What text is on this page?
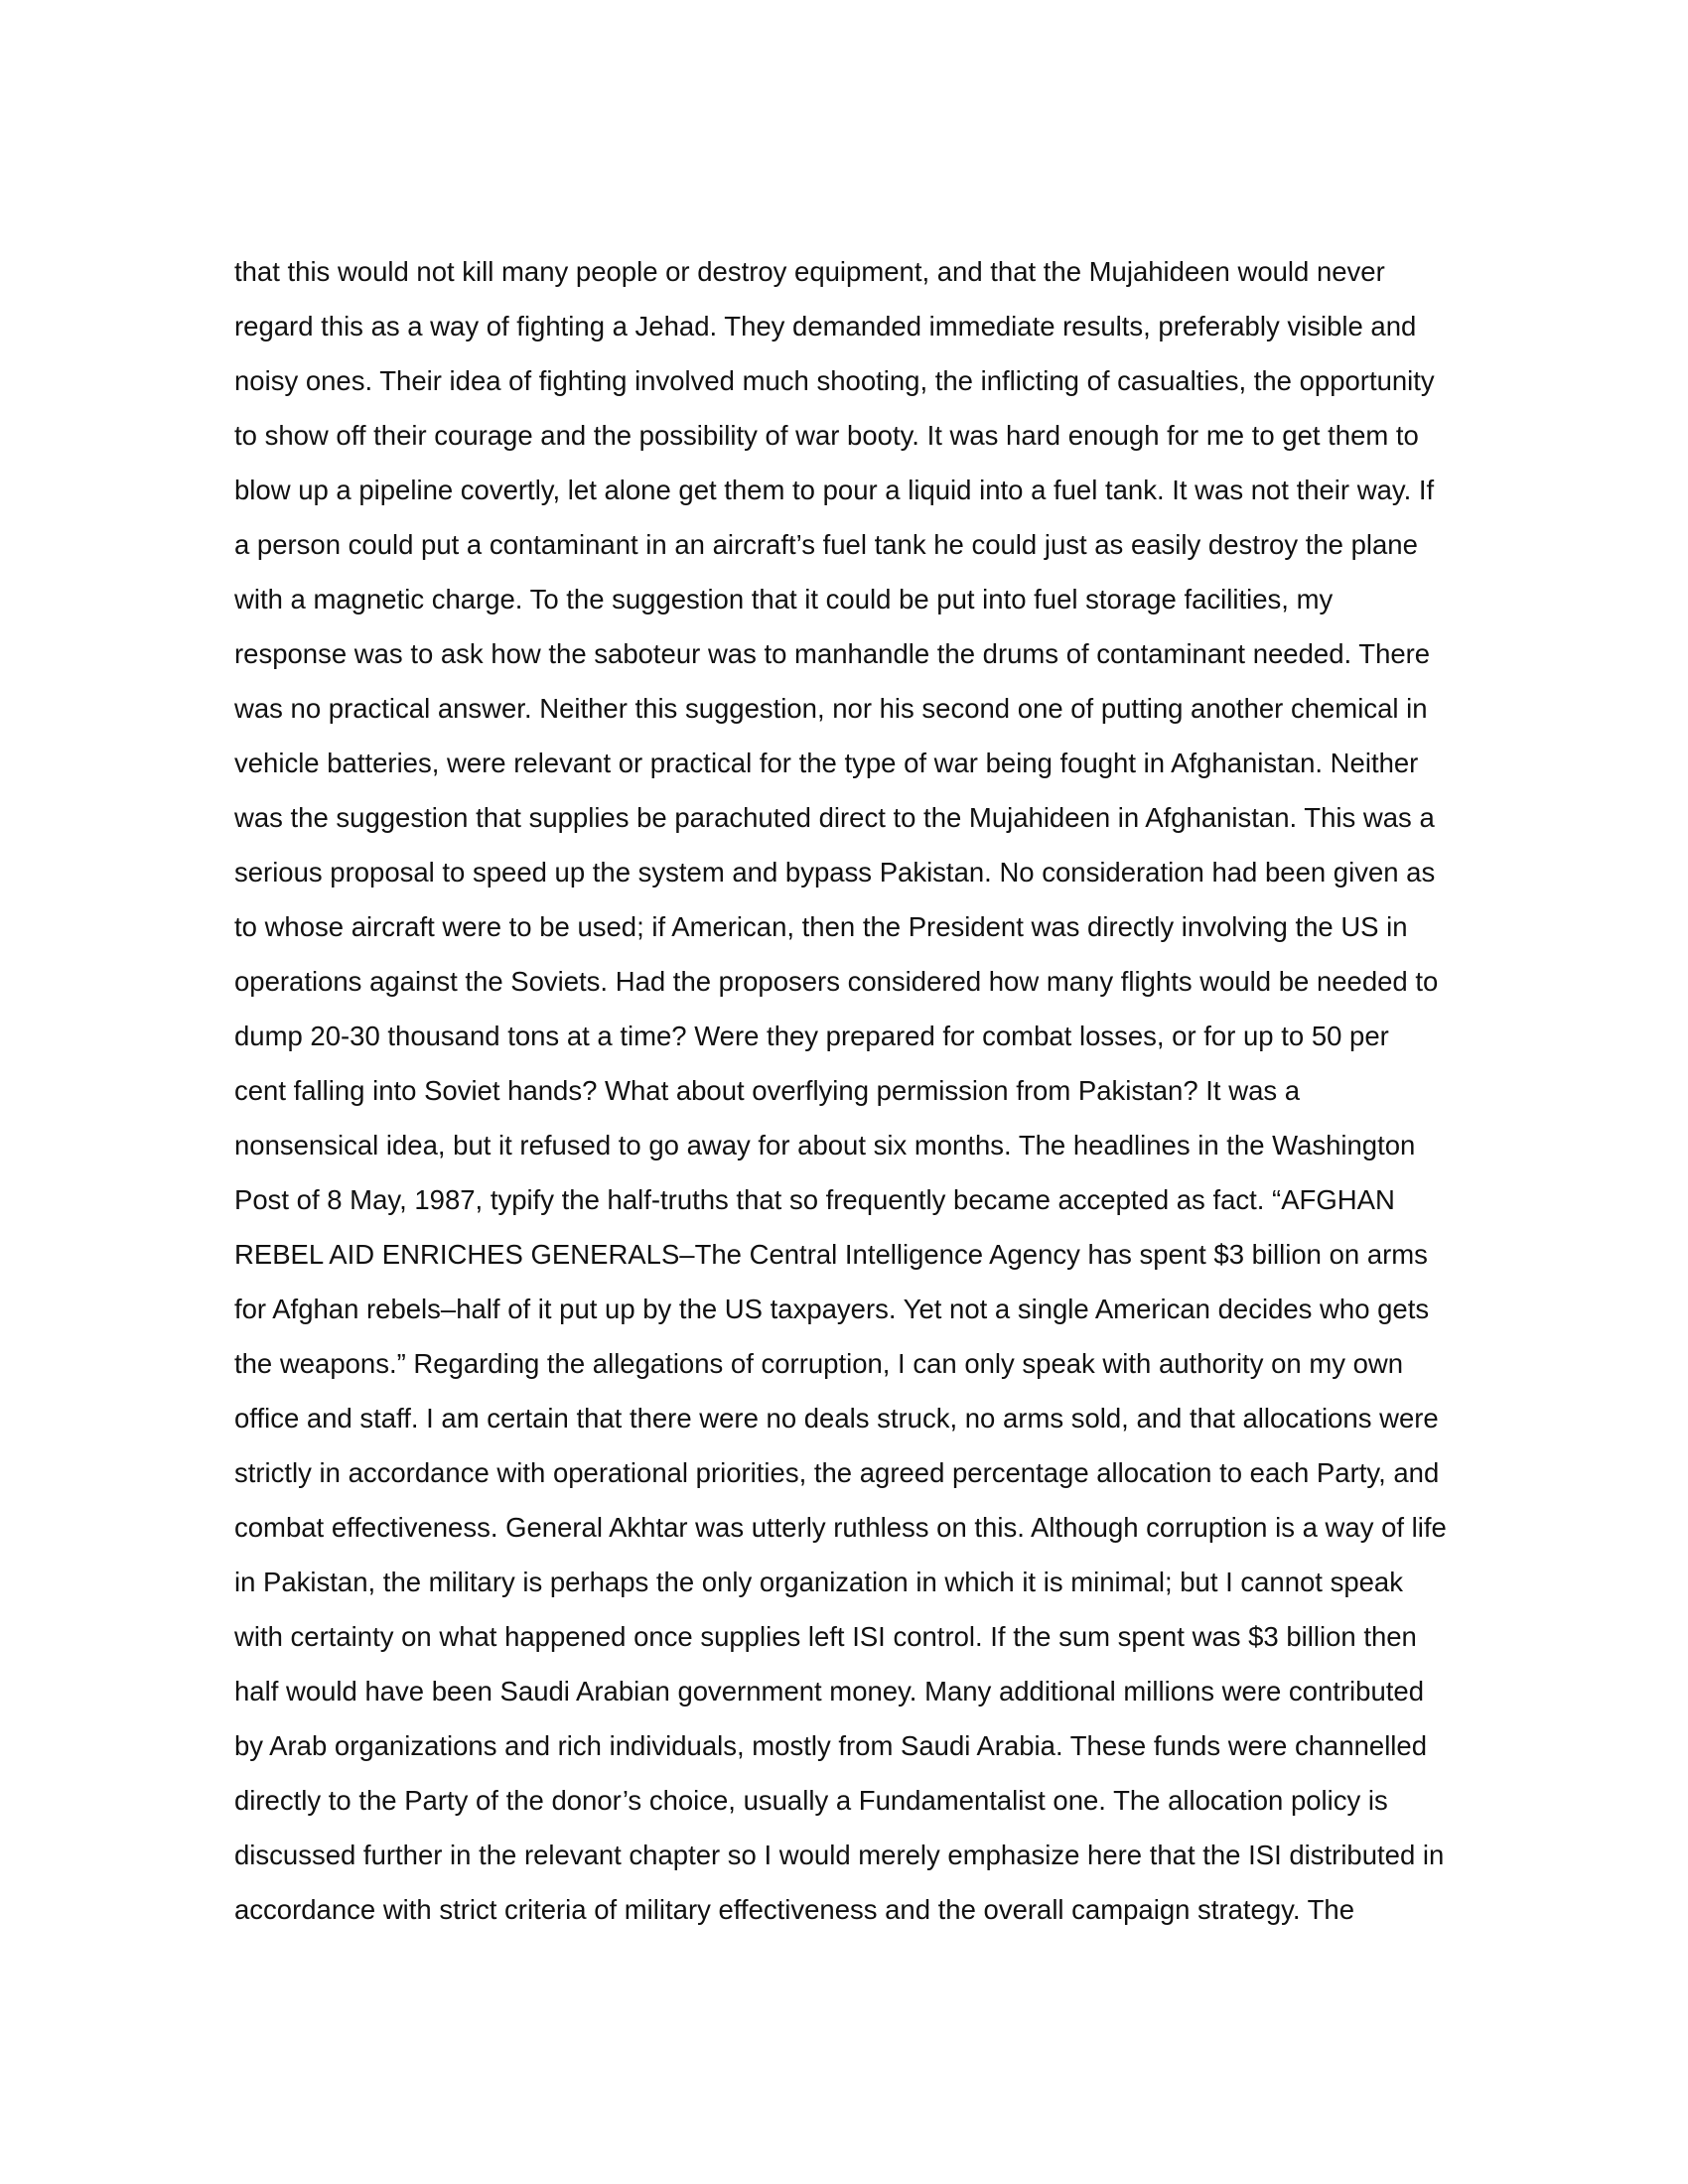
that this would not kill many people or destroy equipment, and that the Mujahideen would never
regard this as a way of fighting a Jehad. They demanded immediate results, preferably visible and
noisy ones. Their idea of fighting involved much shooting, the inflicting of casualties, the opportunity
to show off their courage and the possibility of war booty. It was hard enough for me to get them to
blow up a pipeline covertly, let alone get them to pour a liquid into a fuel tank. It was not their way. If
a person could put a contaminant in an aircraft’s fuel tank he could just as easily destroy the plane
with a magnetic charge. To the suggestion that it could be put into fuel storage facilities, my
response was to ask how the saboteur was to manhandle the drums of contaminant needed. There
was no practical answer. Neither this suggestion, nor his second one of putting another chemical in
vehicle batteries, were relevant or practical for the type of war being fought in Afghanistan. Neither
was the suggestion that supplies be parachuted direct to the Mujahideen in Afghanistan. This was a
serious proposal to speed up the system and bypass Pakistan. No consideration had been given as
to whose aircraft were to be used; if American, then the President was directly involving the US in
operations against the Soviets. Had the proposers considered how many flights would be needed to
dump 20-30 thousand tons at a time? Were they prepared for combat losses, or for up to 50 per
cent falling into Soviet hands? What about overflying permission from Pakistan? It was a
nonsensical idea, but it refused to go away for about six months. The headlines in the Washington
Post of 8 May, 1987, typify the half-truths that so frequently became accepted as fact. “AFGHAN
REBEL AID ENRICHES GENERALS–The Central Intelligence Agency has spent $3 billion on arms
for Afghan rebels–half of it put up by the US taxpayers. Yet not a single American decides who gets
the weapons.” Regarding the allegations of corruption, I can only speak with authority on my own
office and staff. I am certain that there were no deals struck, no arms sold, and that allocations were
strictly in accordance with operational priorities, the agreed percentage allocation to each Party, and
combat effectiveness. General Akhtar was utterly ruthless on this. Although corruption is a way of life
in Pakistan, the military is perhaps the only organization in which it is minimal; but I cannot speak
with certainty on what happened once supplies left ISI control. If the sum spent was $3 billion then
half would have been Saudi Arabian government money. Many additional millions were contributed
by Arab organizations and rich individuals, mostly from Saudi Arabia. These funds were channelled
directly to the Party of the donor’s choice, usually a Fundamentalist one. The allocation policy is
discussed further in the relevant chapter so I would merely emphasize here that the ISI distributed in
accordance with strict criteria of military effectiveness and the overall campaign strategy. The
